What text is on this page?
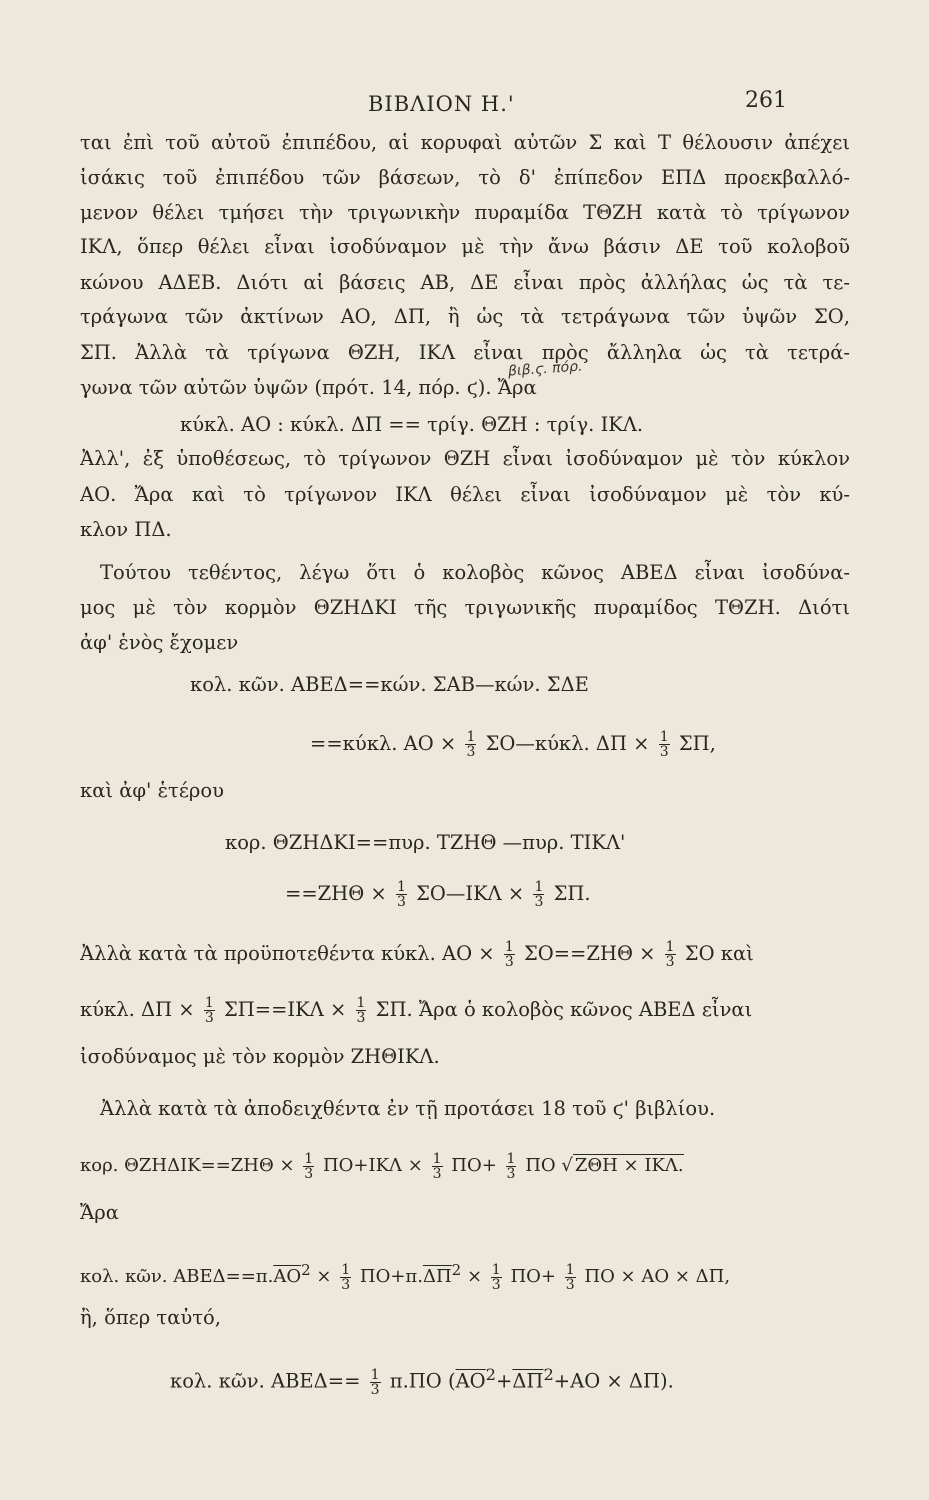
ΒΙΒΛΙΟΝ Η.'	261
βιβ.ϛ. πόρ.
ται ἐπὶ τοῦ αὐτοῦ ἐπιπέδου, αἱ κορυφαὶ αὐτῶν Σ καὶ Τ θέλουσιν ἀπέχει
ἰσάκις τοῦ ἐπιπέδου τῶν βάσεων, τὸ δ' ἐπίπεδον ΕΠΔ προεκβαλλό-
μενον θέλει τμήσει τὴν τριγωνικὴν πυραμίδα ΤΘΖΗ κατὰ τὸ τρίγωνον
ΙΚΛ, ὅπερ θέλει εἶναι ἰσοδύναμον μὲ τὴν ἄνω βάσιν ΔΕ τοῦ κολοβοῦ
κώνου ΑΔΕΒ. Διότι αἱ βάσεις ΑΒ, ΔΕ εἶναι πρὸς ἀλλήλας ὡς τὰ τε-
τράγωνα τῶν ἀκτίνων ΑΟ, ΔΠ, ἢ ὡς τὰ τετράγωνα τῶν ὑψῶν ΣΟ,
ΣΠ. Ἀλλὰ τὰ τρίγωνα ΘΖΗ, ΙΚΛ εἶναι πρὸς ἄλληλα ὡς τὰ τετρά-
γωνα τῶν αὐτῶν ὑψῶν (πρότ. 14, πόρ. ϛ). Ἄρα
κύκλ. ΑΟ : κύκλ. ΔΠ == τρίγ. ΘΖΗ : τρίγ. ΙΚΛ.
Ἀλλ', ἐξ ὑποθέσεως, τὸ τρίγωνον ΘΖΗ εἶναι ἰσοδύναμον μὲ τὸν κύκλον
ΑΟ. Ἄρα καὶ τὸ τρίγωνον ΙΚΛ θέλει εἶναι ἰσοδύναμον μὲ τὸν κύ-
κλον ΠΔ.
Τούτου τεθέντος, λέγω ὅτι ὁ κολοβὸς κῶνος ΑΒΕΔ εἶναι ἰσοδύνα-
μος μὲ τὸν κορμὸν ΘΖΗΔΚΙ τῆς τριγωνικῆς πυραμίδος ΤΘΖΗ. Διότι
ἀφ' ἑνὸς ἔχομεν
κολ. κῶν. ΑΒΕΔ==κών. ΣΑΒ—κών. ΣΔΕ
==κύκλ. $AO \times \frac{1}{3}$ ΣΟ—κύκλ. $\Delta\Pi \times \frac{1}{3} \Sigma\Pi$,
καὶ ἀφ' ἑτέρου
κορ. ΘΖΗΔΚΙ==πυρ. ΤΖΗΘ —πυρ. ΤΙΚΛ'
$==ZH\Theta \times \frac{1}{3}$ ΣΟ—ΙΚΛ × $\frac{1}{3} \Sigma\Pi$.
Ἀλλὰ κατὰ τὰ προϋποτεθέντα κύκλ. $AO \times \frac{1}{3} \Sigma O==ZH\Theta \times \frac{1}{3}$ ΣΟ καὶ
κύκλ. $\Delta\Pi \times \frac{1}{3} \Sigma\Pi==IK\Lambda \times \frac{1}{3} \Sigma\Pi$. Ἄρα ὁ κολοβὸς κῶνος ΑΒΕΔ εἶναι
ἰσοδύναμος μὲ τὸν κορμὸν ΖΗΘΙΚΛ.
Ἀλλὰ κατὰ τὰ ἀποδειχθέντα ἐν τῇ προτάσει 18 τοῦ ϛ' βιβλίου.
κορ. $\Theta ZH\Delta IK==ZH\Theta \times \frac{1}{3} \Pi O+IK\Lambda \times \frac{1}{3} \Pi O+ \frac{1}{3}$ ΠΟ √ ΖΘΗ × ΙΚΛ.
Ἄρα
κολ. κῶν. $ABE\Delta==\pi.\overline{AO}^2 \times \frac{1}{3} \Pi O+\pi.\overline{\Delta\Pi}^2 \times \frac{1}{3} \Pi O+ \frac{1}{3}$ ΠΟ × ΑΟ × ΔΠ,
ἢ, ὅπερ ταὐτό,
κολ. κῶν. $ABE\Delta== \frac{1}{3} \pi.\Pi O$ $(\overline{AO}^2+\overline{\Delta\Pi}^2+AO \times \Delta\Pi)$.
